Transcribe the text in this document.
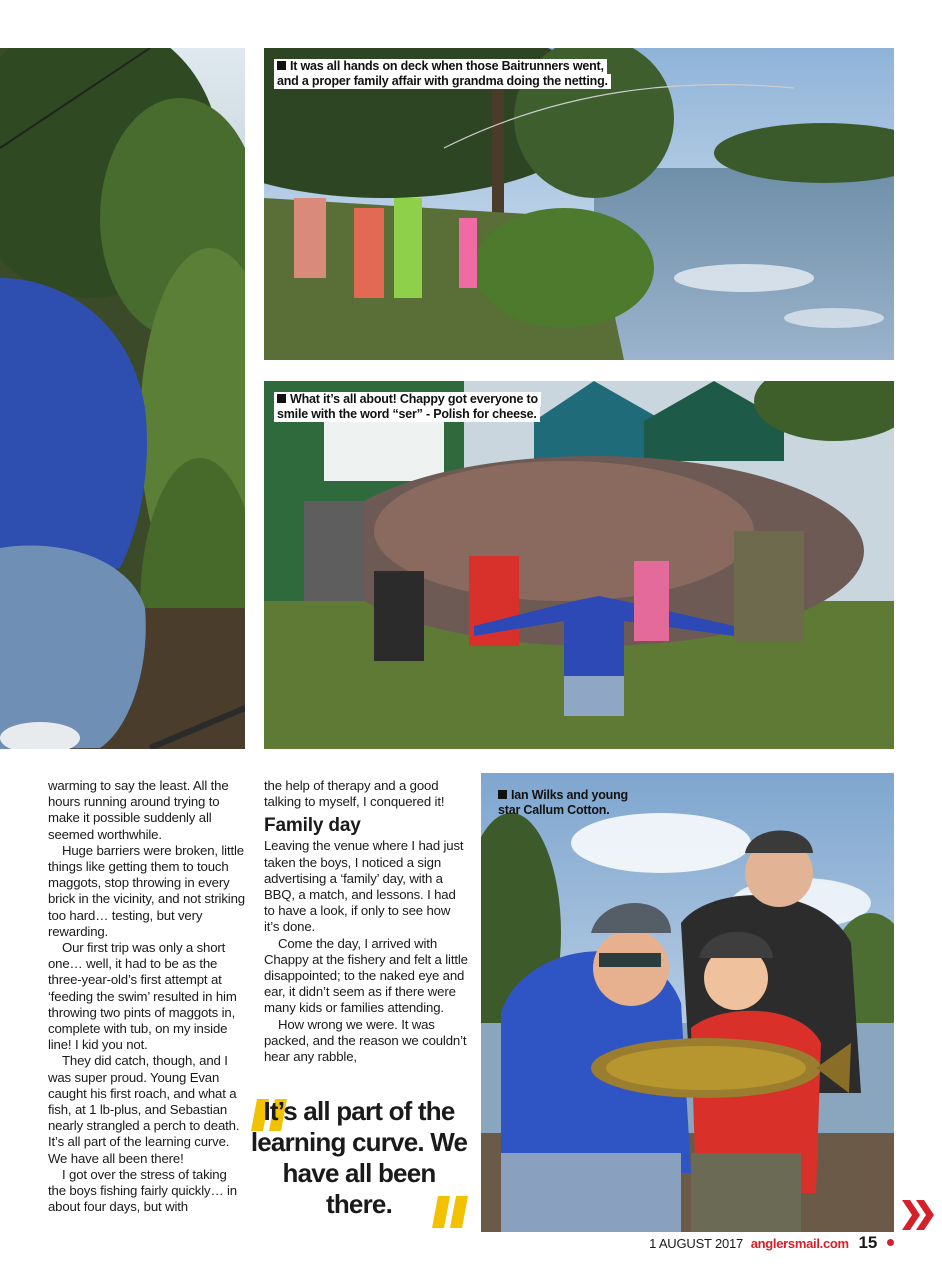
It was all hands on deck when those Baitrunners went,
and a proper family affair with grandma doing the netting.
What it’s all about! Chappy got everyone to
smile with the word “ser” - Polish for cheese.
Ian Wilks and young
star Callum Cotton.

warming to say the least. All the hours running around trying to make it possible suddenly all seemed worthwhile.

Huge barriers were broken, little things like getting them to touch maggots, stop throwing in every brick in the vicinity, and not striking too hard… testing, but very rewarding.

Our first trip was only a short one… well, it had to be as the three-year-old’s first attempt at ‘feeding the swim’ resulted in him throwing two pints of maggots in, complete with tub, on my inside line! I kid you not.

They did catch, though, and I was super proud. Young Evan caught his first roach, and what a fish, at 1 lb-plus, and Sebastian nearly strangled a perch to death. It’s all part of the learning curve. We have all been there!

I got over the stress of taking the boys fishing fairly quickly… in about four days, but with

the help of therapy and a good talking to myself, I conquered it!

Family day

Leaving the venue where I had just taken the boys, I noticed a sign advertising a ‘family’ day, with a BBQ, a match, and lessons. I had to have a look, if only to see how it’s done.

Come the day, I arrived with Chappy at the fishery and felt a little disappointed; to the naked eye and ear, it didn’t seem as if there were many kids or families attending.

How wrong we were. It was packed, and the reason we couldn’t hear any rabble,

It’s all part of the learning curve. We have all been there.
1 AUGUST 2017 anglersmail.com 15
